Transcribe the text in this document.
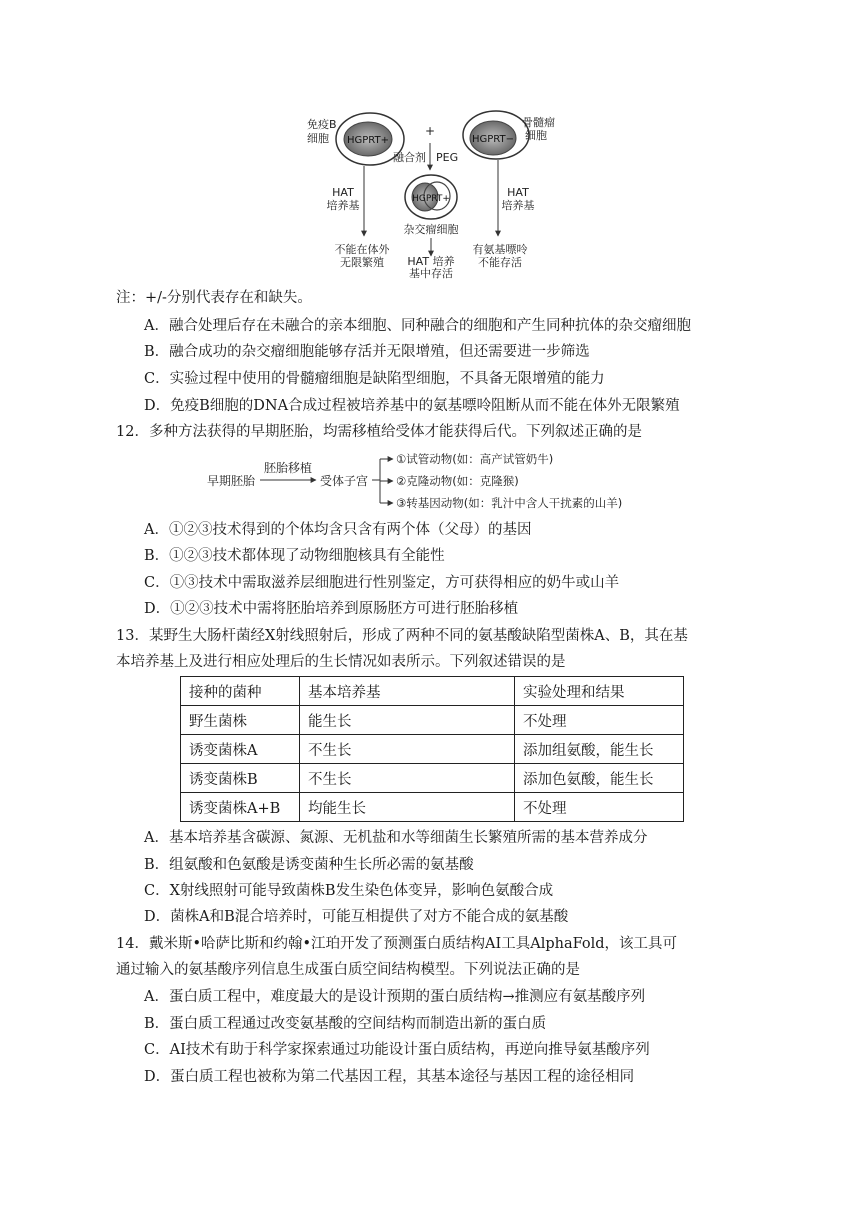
HGPRT+
免疫B
细胞	HGPRT−
骨髓瘤
细胞
+
融合剂 PEG
HGPRT+
杂交瘤细胞
HAT 培养
基中存活
HAT
培养基
不能在体外
无限繁殖
HAT
培养基
有氨基嘌呤
不能存活
注：+/-分别代表存在和缺失。
A．融合处理后存在未融合的亲本细胞、同种融合的细胞和产生同种抗体的杂交瘤细胞
B．融合成功的杂交瘤细胞能够存活并无限增殖，但还需要进一步筛选
C．实验过程中使用的骨髓瘤细胞是缺陷型细胞，不具备无限增殖的能力
D．免疫B细胞的DNA合成过程被培养基中的氨基嘌呤阻断从而不能在体外无限繁殖
12．多种方法获得的早期胚胎，均需移植给受体才能获得后代。下列叙述正确的是
早期胚胎
胚胎移植
受体子宫
①试管动物(如：高产试管奶牛)
②克隆动物(如：克隆猴)
③转基因动物(如：乳汁中含人干扰素的山羊)
A．①②③技术得到的个体均含只含有两个体（父母）的基因
B．①②③技术都体现了动物细胞核具有全能性
C．①③技术中需取滋养层细胞进行性别鉴定，方可获得相应的奶牛或山羊
D．①②③技术中需将胚胎培养到原肠胚方可进行胚胎移植
13．某野生大肠杆菌经X射线照射后，形成了两种不同的氨基酸缺陷型菌株A、B，其在基
本培养基上及进行相应处理后的生长情况如表所示。下列叙述错误的是
接种的菌种	基本培养基	实验处理和结果
野生菌株	能生长	不处理
诱变菌株A	不生长	添加组氨酸，能生长
诱变菌株B	不生长	添加色氨酸，能生长
诱变菌株A+B	均能生长	不处理
A．基本培养基含碳源、氮源、无机盐和水等细菌生长繁殖所需的基本营养成分
B．组氨酸和色氨酸是诱变菌种生长所必需的氨基酸
C．X射线照射可能导致菌株B发生染色体变异，影响色氨酸合成
D．菌株A和B混合培养时，可能互相提供了对方不能合成的氨基酸
14．戴米斯•哈萨比斯和约翰•江珀开发了预测蛋白质结构AI工具AlphaFold，该工具可
通过输入的氨基酸序列信息生成蛋白质空间结构模型。下列说法正确的是
A．蛋白质工程中，难度最大的是设计预期的蛋白质结构→推测应有氨基酸序列
B．蛋白质工程通过改变氨基酸的空间结构而制造出新的蛋白质
C．AI技术有助于科学家探索通过功能设计蛋白质结构，再逆向推导氨基酸序列
D．蛋白质工程也被称为第二代基因工程，其基本途径与基因工程的途径相同
